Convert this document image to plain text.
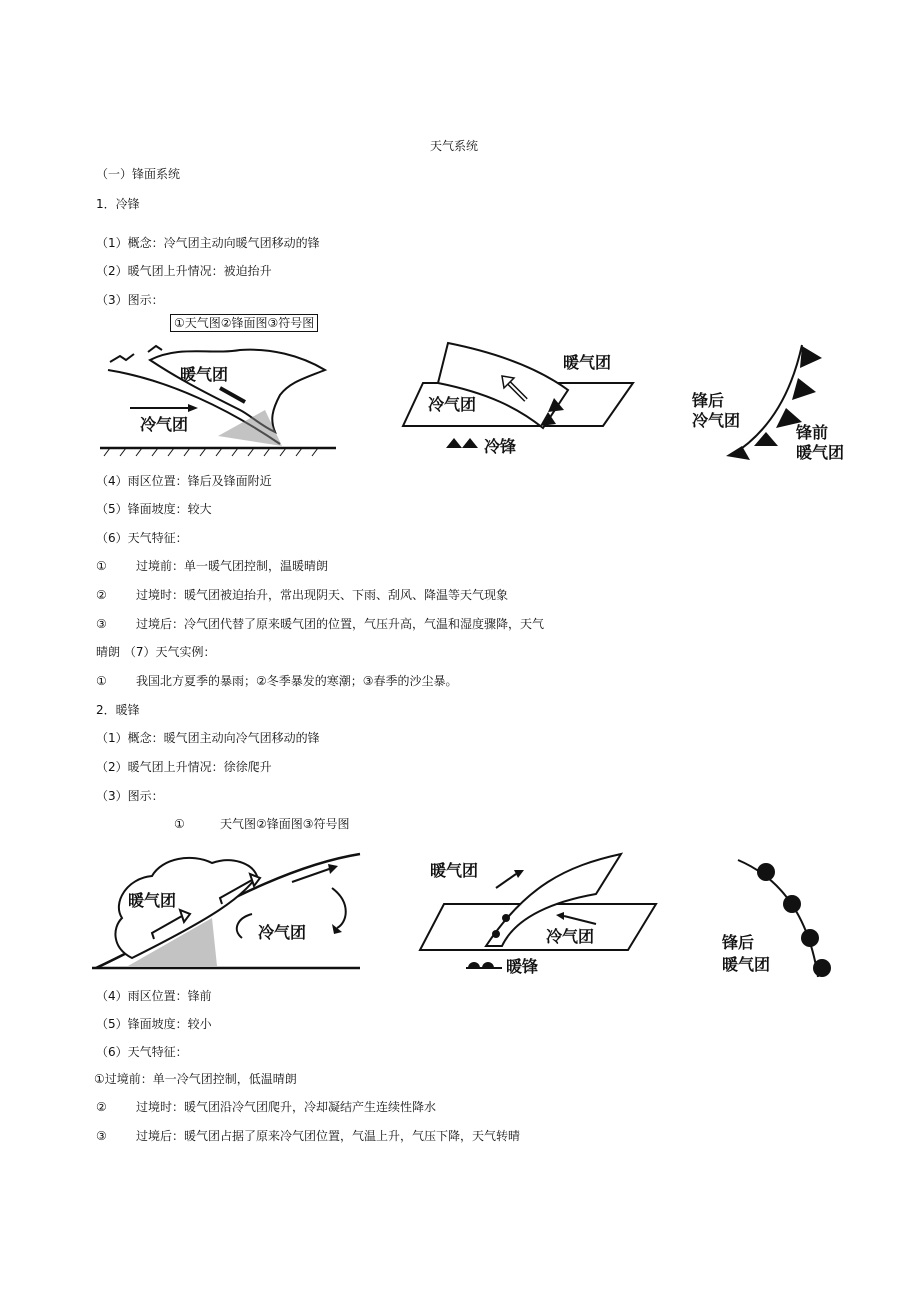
天气系统
（一）锋面系统
1．冷锋
（1）概念：冷气团主动向暖气团移动的锋
（2）暖气团上升情况：被迫抬升
（3）图示：
①天气图②锋面图③符号图
暖气团
冷气团
暖气团
冷气团
冷锋
锋后
冷气团
锋前
暖气团
（4）雨区位置：锋后及锋面附近
（5）锋面坡度：较大
（6）天气特征：
① 过境前：单一暖气团控制，温暖晴朗
② 过境时：暖气团被迫抬升，常出现阴天、下雨、刮风、降温等天气现象
③ 过境后：冷气团代替了原来暖气团的位置，气压升高，气温和湿度骤降，天气
晴朗 （7）天气实例：
① 我国北方夏季的暴雨；②冬季暴发的寒潮；③春季的沙尘暴。
2．暖锋
（1）概念：暖气团主动向冷气团移动的锋
（2）暖气团上升情况：徐徐爬升
（3）图示：
①	天气图②锋面图③符号图
暖气团
冷气团
暖气团
冷气团
暖锋
锋后
暖气团
（4）雨区位置：锋前
（5）锋面坡度：较小
（6）天气特征：
①过境前：单一冷气团控制，低温晴朗
② 过境时：暖气团沿冷气团爬升，冷却凝结产生连续性降水
③ 过境后：暖气团占据了原来冷气团位置，气温上升，气压下降，天气转晴
